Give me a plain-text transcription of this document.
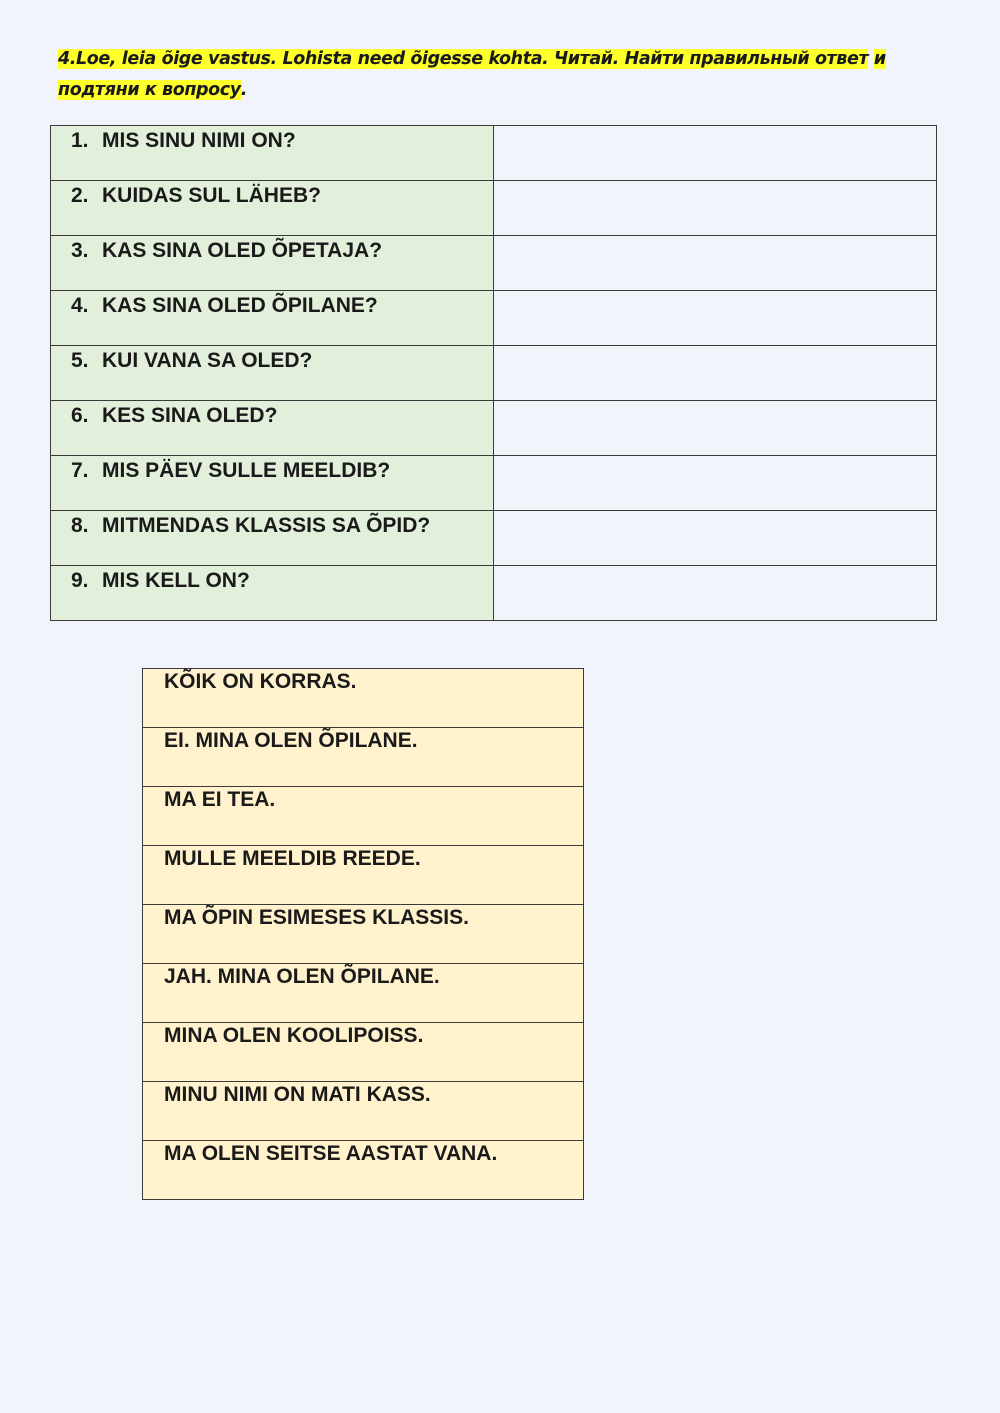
4.Loe, leia õige vastus. Lohista need õigesse kohta. Читай. Найти правильный ответ и подтяни к вопросу.
1. MIS SINU NIMI ON?	

2. KUIDAS SUL LÄHEB?	

3. KAS SINA OLED ÕPETAJA?	

4. KAS SINA OLED ÕPILANE?	

5. KUI VANA SA OLED?	

6. KES SINA OLED?	

7. MIS PÄEV SULLE MEELDIB?	

8. MITMENDAS KLASSIS SA ÕPID?	

9. MIS KELL ON?	

KÕIK ON KORRAS.
EI. MINA OLEN ÕPILANE.
MA EI TEA.
MULLE MEELDIB REEDE.
MA ÕPIN ESIMESES KLASSIS.
JAH. MINA OLEN ÕPILANE.
MINA OLEN KOOLIPOISS.
MINU NIMI ON MATI KASS.
MA OLEN SEITSE AASTAT VANA.
